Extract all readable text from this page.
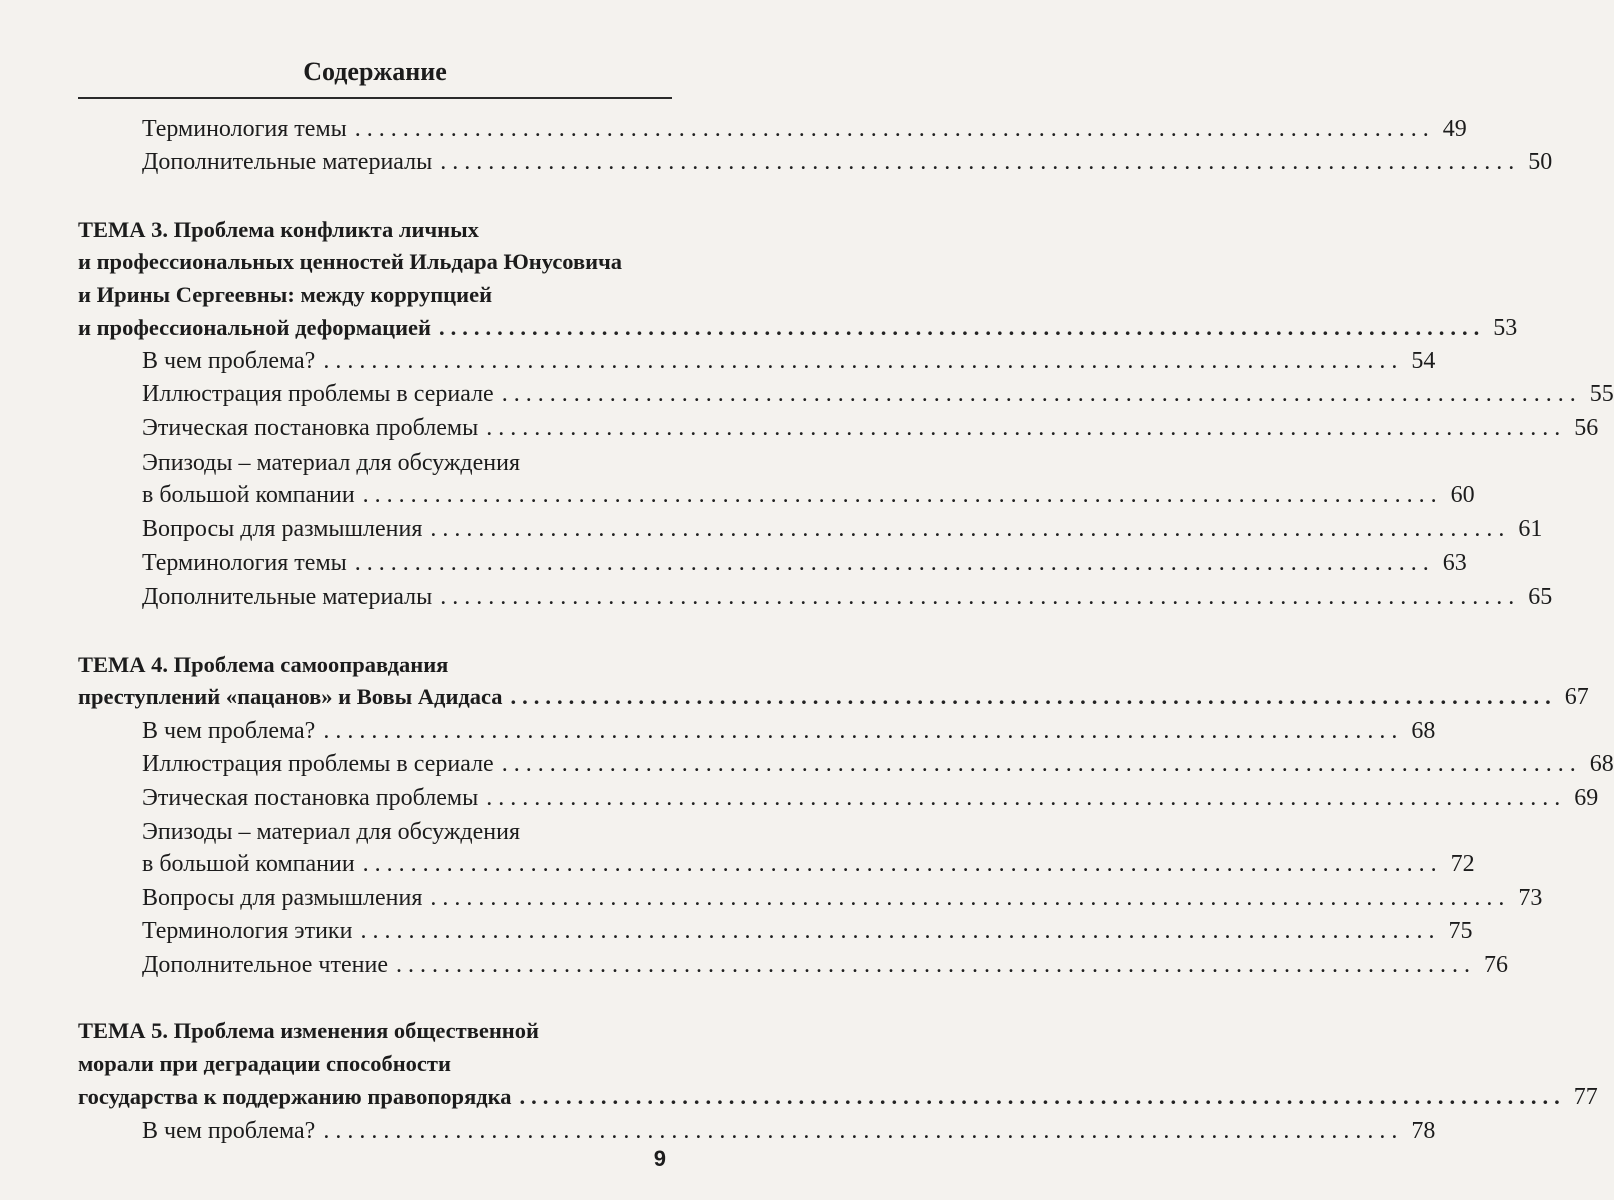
Содержание
Терминология темы .......................................................................................... 49
Дополнительные материалы .......................................................................................... 50
ТЕМА 3. Проблема конфликта личных
и профессиональных ценностей Ильдара Юнусовича
и Ирины Сергеевны: между коррупцией
и профессиональной деформацией .......................................................................................... 53
В чем проблема? .......................................................................................... 54
Иллюстрация проблемы в сериале .......................................................................................... 55
Этическая постановка проблемы .......................................................................................... 56
Эпизоды – материал для обсуждения
в большой компании .......................................................................................... 60
Вопросы для размышления .......................................................................................... 61
Терминология темы .......................................................................................... 63
Дополнительные материалы .......................................................................................... 65
ТЕМА 4. Проблема самооправдания
преступлений «пацанов» и Вовы Адидаса .......................................................................................... 67
В чем проблема? .......................................................................................... 68
Иллюстрация проблемы в сериале .......................................................................................... 68
Этическая постановка проблемы .......................................................................................... 69
Эпизоды – материал для обсуждения
в большой компании .......................................................................................... 72
Вопросы для размышления .......................................................................................... 73
Терминология этики .......................................................................................... 75
Дополнительное чтение .......................................................................................... 76
ТЕМА 5. Проблема изменения общественной
морали при деградации способности
государства к поддержанию правопорядка .......................................................................................... 77
В чем проблема? .......................................................................................... 78
9
